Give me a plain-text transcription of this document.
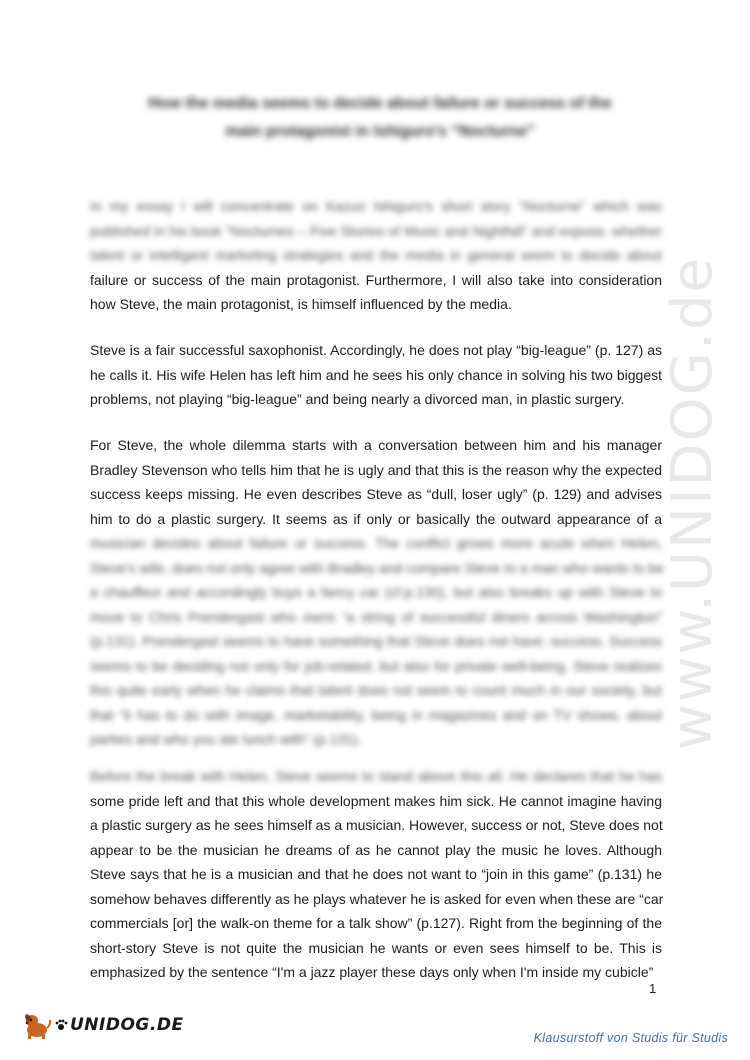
www.UNIDOG.de
How the media seems to decide about failure or success of the
main protagonist in Ishiguro's “Nocturne”
In my essay I will concentrate on Kazuo Ishiguro's short story “Nocturne” which was
published in his book “Nocturnes – Five Stories of Music and Nightfall” and expose, whether
talent or intelligent marketing strategies and the media in general seem to decide about
failure or success of the main protagonist. Furthermore, I will also take into consideration
how Steve, the main protagonist, is himself influenced by the media.
Steve is a fair successful saxophonist. Accordingly, he does not play “big-league” (p. 127) as
he calls it. His wife Helen has left him and he sees his only chance in solving his two biggest
problems, not playing “big-league” and being nearly a divorced man, in plastic surgery.
For Steve, the whole dilemma starts with a conversation between him and his manager
Bradley Stevenson who tells him that he is ugly and that this is the reason why the expected
success keeps missing. He even describes Steve as “dull, loser ugly” (p. 129) and advises
him to do a plastic surgery. It seems as if only or basically the outward appearance of a
musician decides about failure or success. The conflict grows more acute when Helen,
Steve's wife, does not only agree with Bradley and compare Steve to a man who wants to be
a chauffeur and accordingly buys a fancy car (cf.p.130), but also breaks up with Steve to
move to Chris Prendergast who owns “a string of successful diners across Washington”
(p.131). Prendergast seems to have something that Steve does not have: success. Success
seems to be deciding not only for job-related, but also for private well-being. Steve realizes
this quite early when he claims that talent does not seem to count much in our society, but
that “it has to do with image, marketability, being in magazines and on TV shows, about
parties and who you ate lunch with” (p.131).
Before the break with Helen, Steve seems to stand above this all. He declares that he has
some pride left and that this whole development makes him sick. He cannot imagine having
a plastic surgery as he sees himself as a musician. However, success or not, Steve does not
appear to be the musician he dreams of as he cannot play the music he loves. Although
Steve says that he is a musician and that he does not want to “join in this game” (p.131) he
somehow behaves differently as he plays whatever he is asked for even when these are “car
commercials [or] the walk-on theme for a talk show” (p.127). Right from the beginning of the
short-story Steve is not quite the musician he wants or even sees himself to be. This is
emphasized by the sentence “I'm a jazz player these days only when I'm inside my cubicle”
1
UNIDOG.DE
Klausurstoff von Studis für Studis
